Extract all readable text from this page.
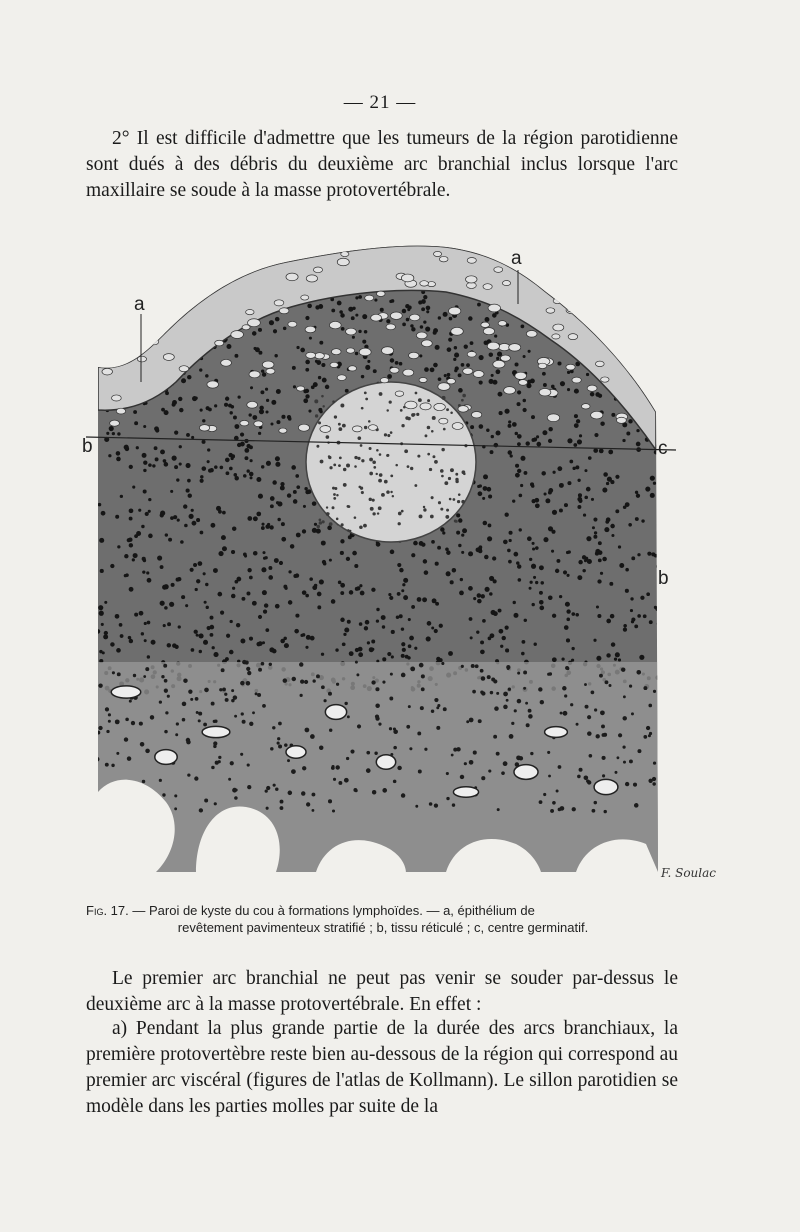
— 21 —
2° Il est difficile d'admettre que les tumeurs de la région parotidienne sont dués à des débris du deuxième arc branchial inclus lorsque l'arc maxillaire se soude à la masse protovertébrale.
a
a
b	c
b
F. Soulac
Fig. 17. — Paroi de kyste du cou à formations lymphoïdes. — a, épithélium de
revêtement pavimenteux stratifié ; b, tissu réticulé ; c, centre germinatif.
Le premier arc branchial ne peut pas venir se souder par-dessus le deuxième arc à la masse protovertébrale. En effet :
a) Pendant la plus grande partie de la durée des arcs branchiaux, la première protovertèbre reste bien au-dessous de la région qui correspond au premier arc viscéral (figures de l'atlas de Kollmann). Le sillon parotidien se modèle dans les parties molles par suite de la
